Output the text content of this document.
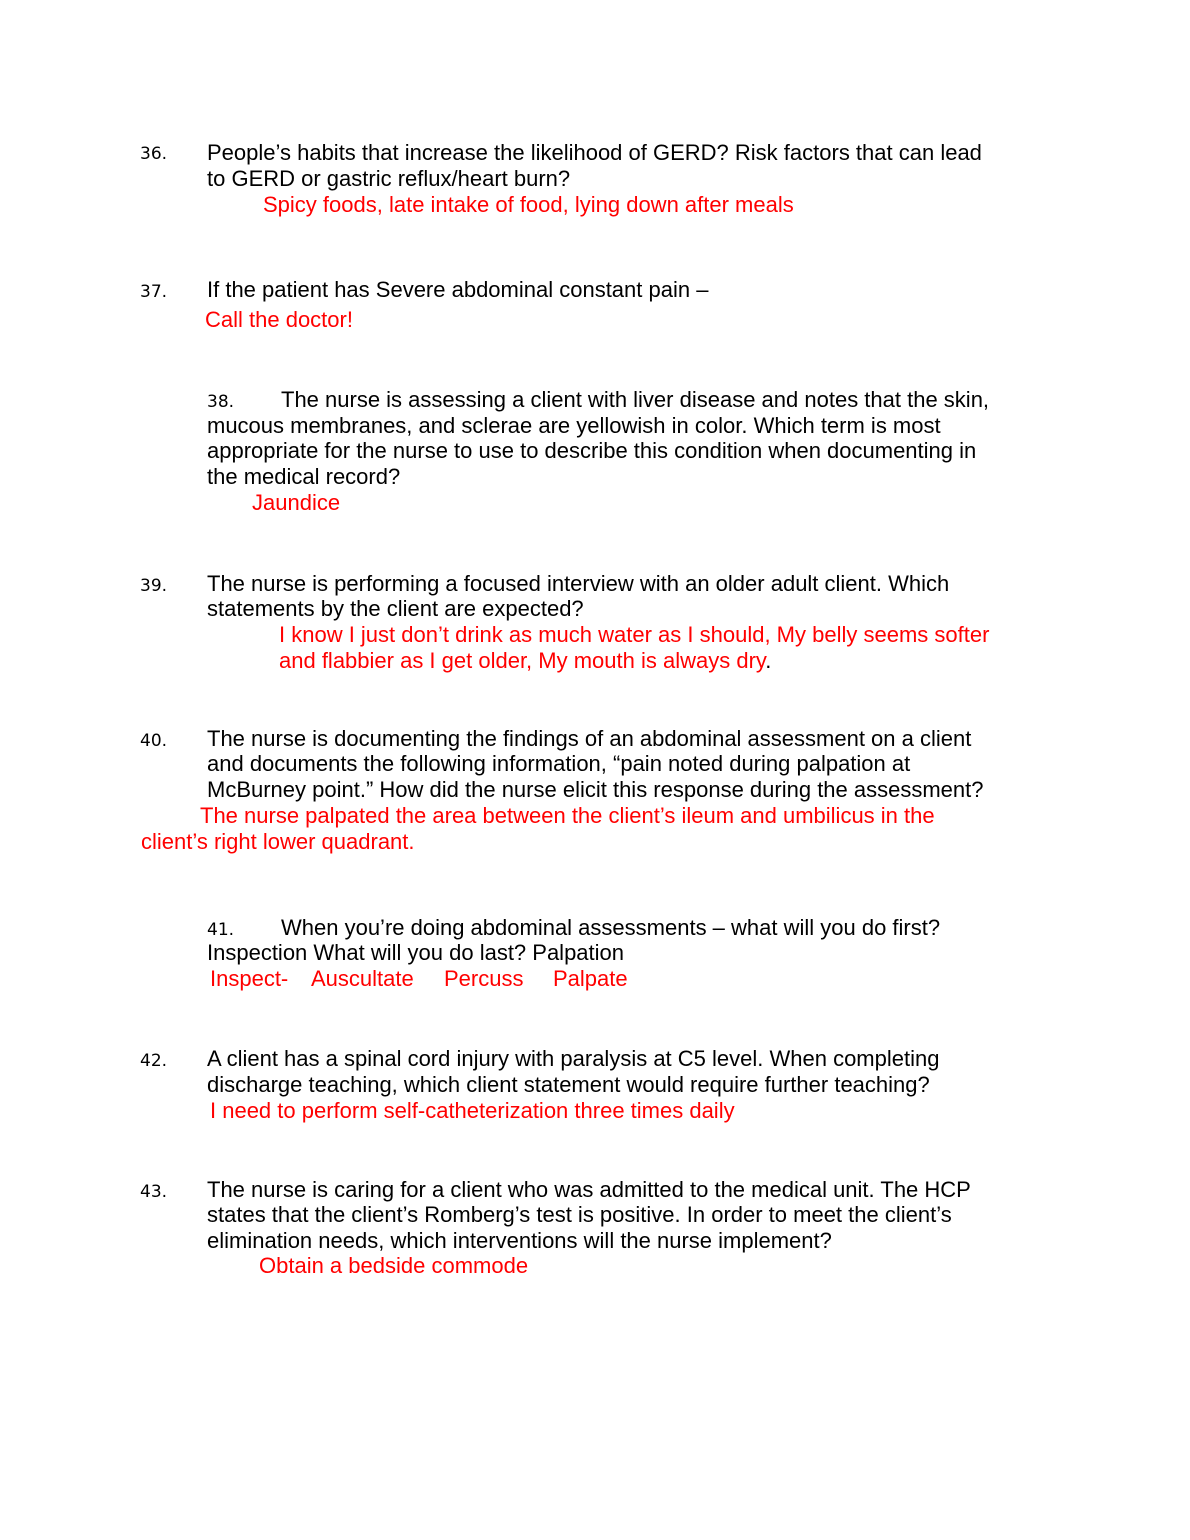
36. People’s habits that increase the likelihood of GERD? Risk factors that can lead
to GERD or gastric reflux/heart burn?
Spicy foods, late intake of food, lying down after meals
37. If the patient has Severe abdominal constant pain –
Call the doctor!
38. The nurse is assessing a client with liver disease and notes that the skin,
mucous membranes, and sclerae are yellowish in color. Which term is most
appropriate for the nurse to use to describe this condition when documenting in
the medical record?
Jaundice
39. The nurse is performing a focused interview with an older adult client. Which
statements by the client are expected?
I know I just don’t drink as much water as I should, My belly seems softer
and flabbier as I get older, My mouth is always dry.
40. The nurse is documenting the findings of an abdominal assessment on a client
and documents the following information, “pain noted during palpation at
McBurney point.” How did the nurse elicit this response during the assessment?
The nurse palpated the area between the client’s ileum and umbilicus in the
client’s right lower quadrant.
41. When you’re doing abdominal assessments – what will you do first?
Inspection What will you do last? Palpation
Inspect- Auscultate Percuss Palpate
42. A client has a spinal cord injury with paralysis at C5 level. When completing
discharge teaching, which client statement would require further teaching?
I need to perform self-catheterization three times daily
43. The nurse is caring for a client who was admitted to the medical unit. The HCP
states that the client’s Romberg’s test is positive. In order to meet the client’s
elimination needs, which interventions will the nurse implement?
Obtain a bedside commode
